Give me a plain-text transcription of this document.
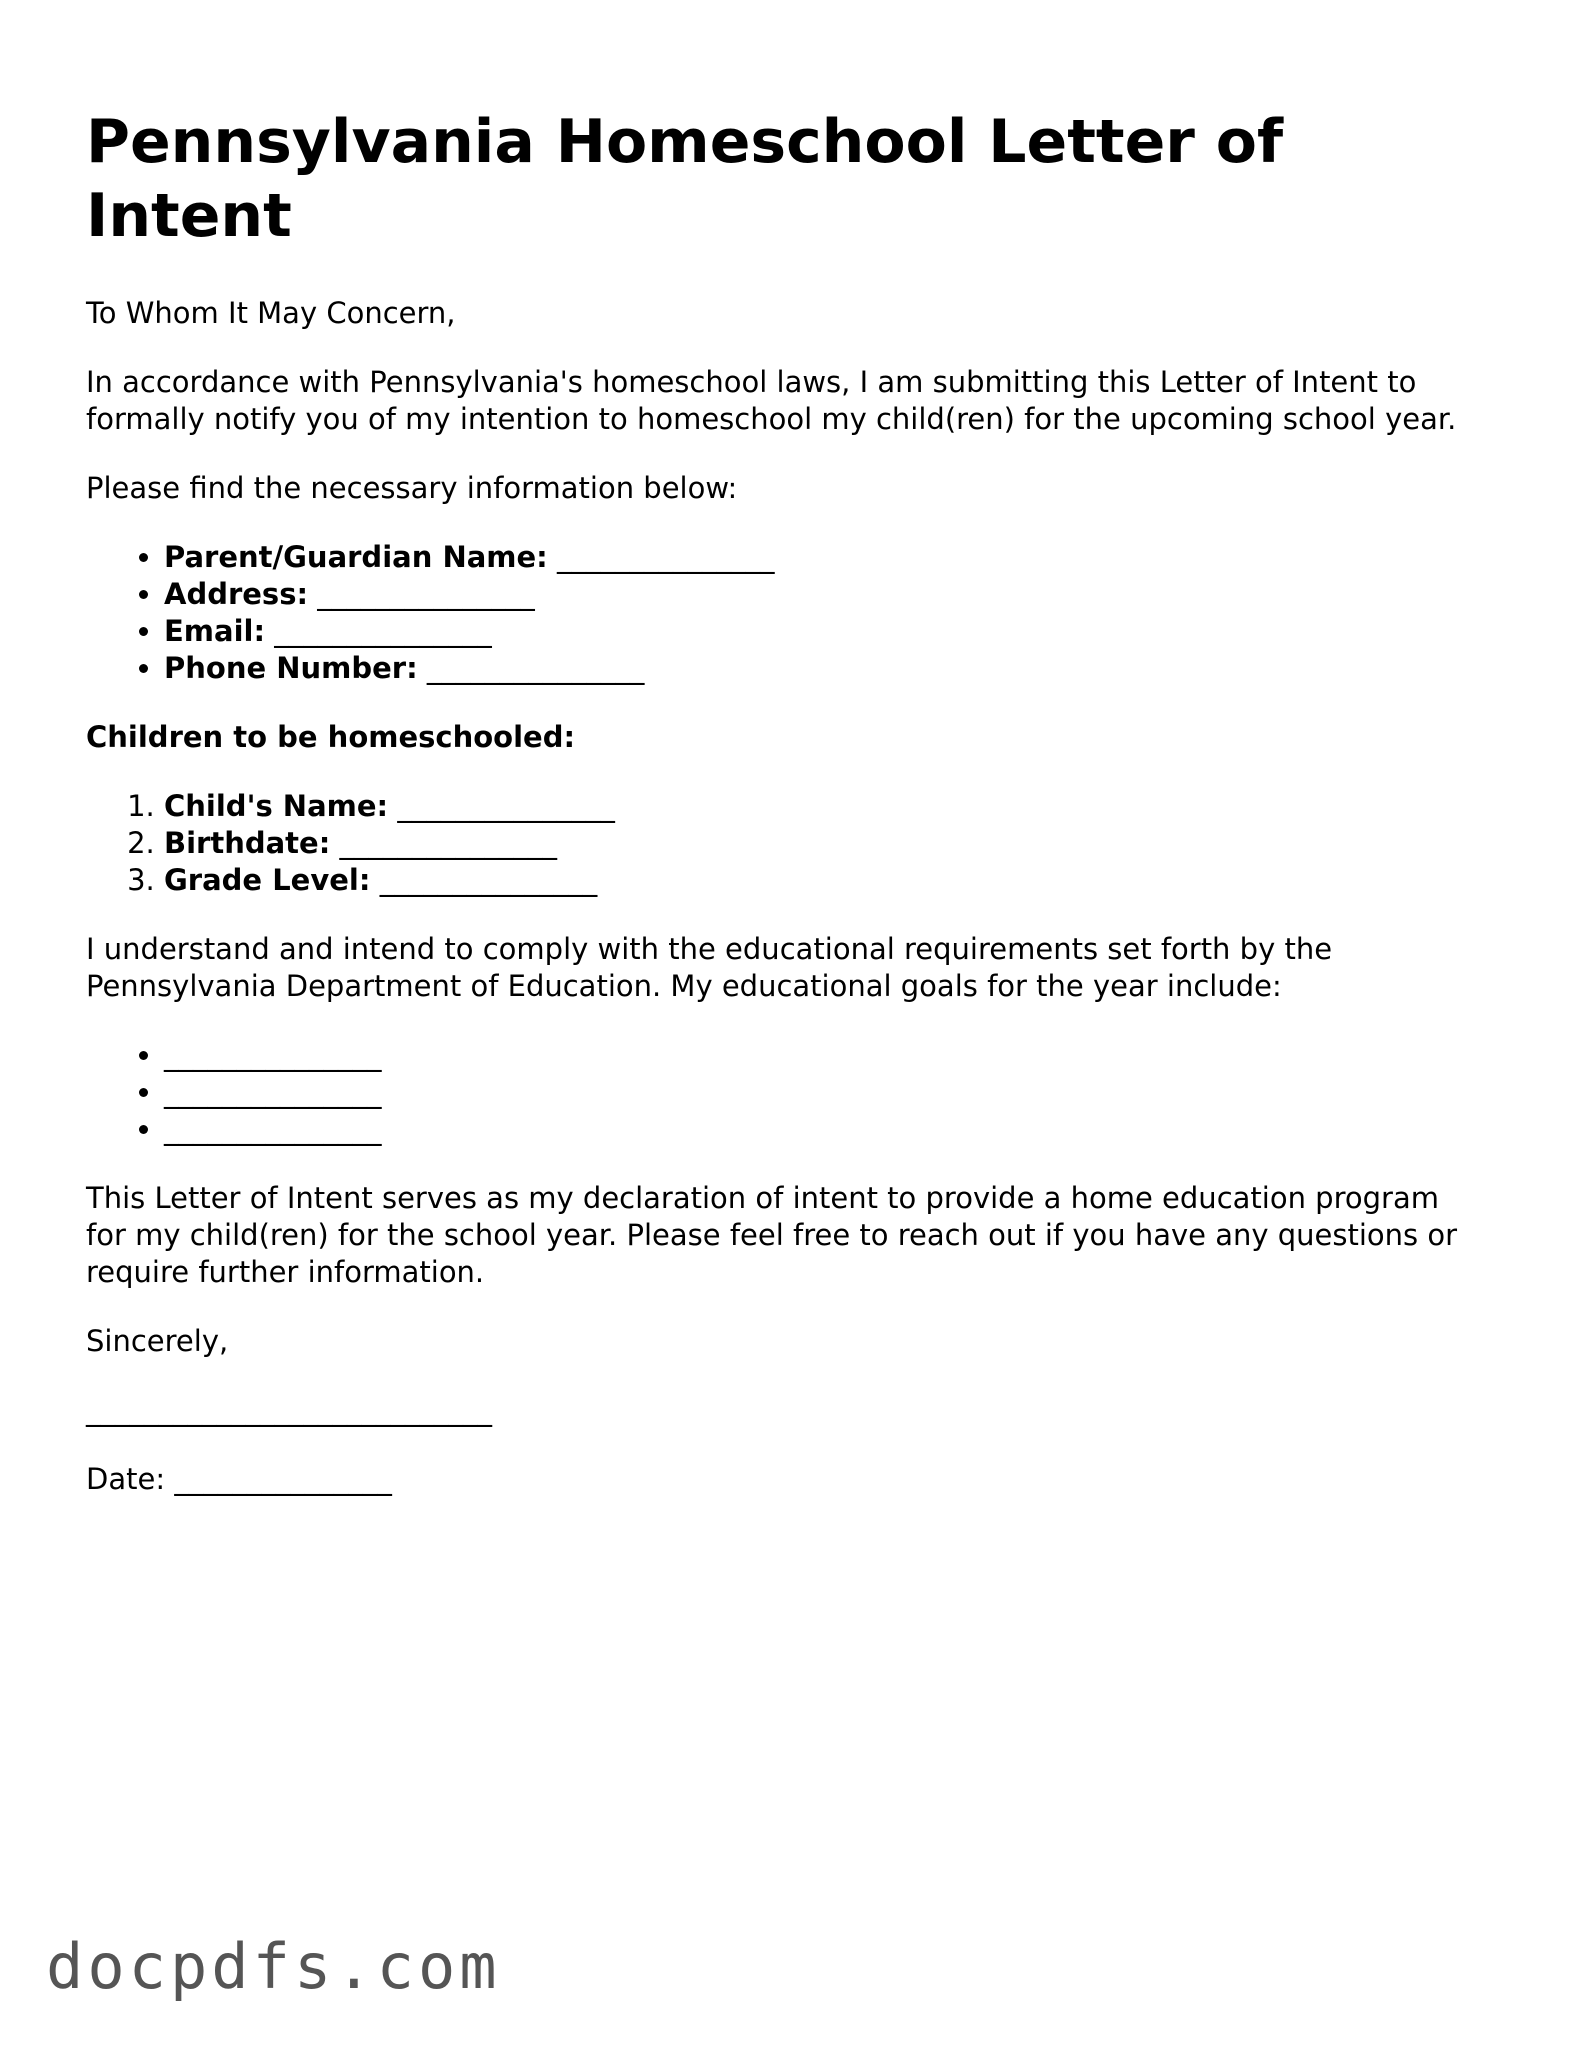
Pennsylvania Homeschool Letter of Intent

To Whom It May Concern,

In accordance with Pennsylvania's homeschool laws, I am submitting this Letter of Intent to formally notify you of my intention to homeschool my child(ren) for the upcoming school year.

Please find the necessary information below:

• Parent/Guardian Name: _______________
• Address: _______________
• Email: _______________
• Phone Number: _______________

Children to be homeschooled:

1. Child's Name: _______________
2. Birthdate: _______________
3. Grade Level: _______________

I understand and intend to comply with the educational requirements set forth by the Pennsylvania Department of Education. My educational goals for the year include:

• _______________
• _______________
• _______________

This Letter of Intent serves as my declaration of intent to provide a home education program for my child(ren) for the school year. Please feel free to reach out if you have any questions or require further information.

Sincerely,

____________________________

Date: _______________

docpdfs.com
